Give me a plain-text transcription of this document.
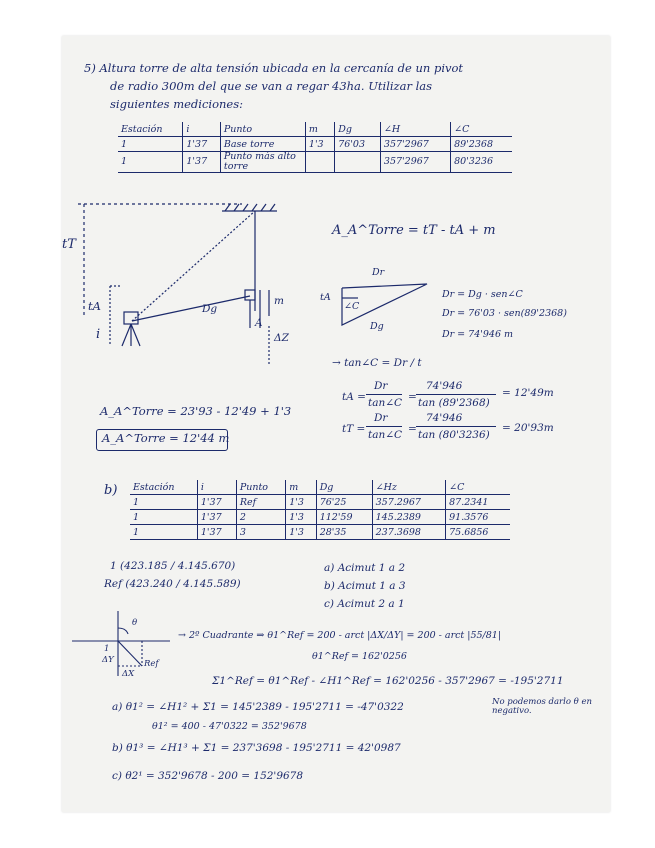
5) Altura torre de alta tensión ubicada en la cercanía de un pivot
de radio 300m del que se van a regar 43ha. Utilizar las
siguientes mediciones:
Estación	i	Punto	m	Dg	∠H	∠C
1	1'37	Base torre	1'3	76'03	357'2967	89'2368
1	1'37	Punto más alto torre			357'2967	80'3236
tT
tA
i
Dg
A
m
ΔZ
A_A^Torre = tT - tA + m
Dr
tA
∠C
Dg
Dr = Dg · sen∠C
Dr = 76'03 · sen(89'2368)
Dr = 74'946 m
→ tan∠C = Dr / t
tA =
Dr
tan∠C =
74'946
tan (89'2368)
= 12'49m
tT =
Dr
tan∠C =
74'946
tan (80'3236)
= 20'93m
A_A^Torre = 23'93 - 12'49 + 1'3
A_A^Torre = 12'44 m
b) Estación	i	Punto	m	Dg	∠Hz	∠C
1	1'37	Ref	1'3	76'25	357.2967	87.2341
1	1'37	2	1'3	112'59	145.2389	91.3576
1	1'37	3	1'3	28'35	237.3698	75.6856
1 (423.185 / 4.145.670)
Ref (423.240 / 4.145.589)
a) Acimut 1 a 2
b) Acimut 1 a 3
c) Acimut 2 a 1
θ
Ref
ΔX
ΔY
1
→ 2º Cuadrante ⇒ θ1^Ref = 200 - arct |ΔX/ΔY| = 200 - arct |55/81|
θ1^Ref = 162'0256
Σ1^Ref = θ1^Ref - ∠H1^Ref = 162'0256 - 357'2967 = -195'2711
a) θ1² = ∠H1² + Σ1 = 145'2389 - 195'2711 = -47'0322	No podemos darlo θ en negativo.
θ1² = 400 - 47'0322 = 352'9678
b) θ1³ = ∠H1³ + Σ1 = 237'3698 - 195'2711 = 42'0987
c) θ2¹ = 352'9678 - 200 = 152'9678
